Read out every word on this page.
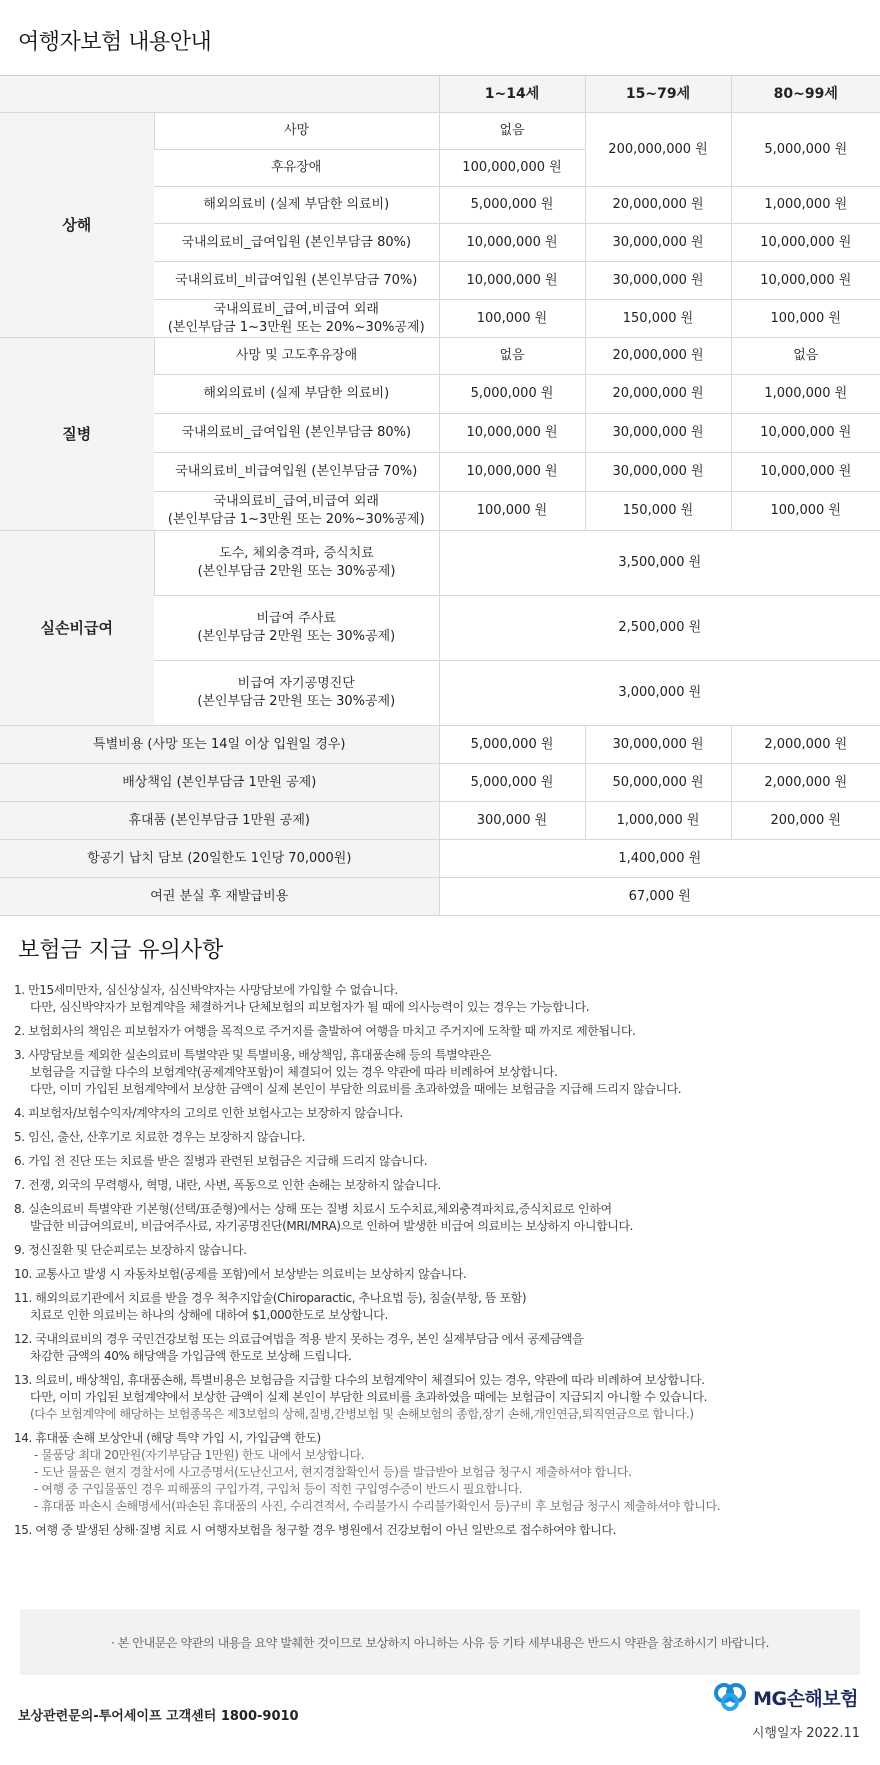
여행자보험 내용안내
		1~14세	15~79세	80~99세
상해	사망	없음	200,000,000 원	5,000,000 원
	후유장애	100,000,000 원		
	해외의료비 (실제 부담한 의료비)	5,000,000 원	20,000,000 원	1,000,000 원
	국내의료비_급여입원 (본인부담금 80%)	10,000,000 원	30,000,000 원	10,000,000 원
	국내의료비_비급여입원 (본인부담금 70%)	10,000,000 원	30,000,000 원	10,000,000 원

	국내의료비_급여,비급여 외래
(본인부담금 1~3만원 또는 20%~30%공제)	100,000 원	150,000 원	100,000 원

질병	사망 및 고도후유장애	없음	20,000,000 원	없음
	해외의료비 (실제 부담한 의료비)	5,000,000 원	20,000,000 원	1,000,000 원
	국내의료비_급여입원 (본인부담금 80%)	10,000,000 원	30,000,000 원	10,000,000 원
	국내의료비_비급여입원 (본인부담금 70%)	10,000,000 원	30,000,000 원	10,000,000 원

	국내의료비_급여,비급여 외래
(본인부담금 1~3만원 또는 20%~30%공제)	100,000 원	150,000 원	100,000 원
실손비급여	도수, 체외충격파, 증식치료
(본인부담금 2만원 또는 30%공제)	3,500,000 원		

	비급여 주사료
(본인부담금 2만원 또는 30%공제)	2,500,000 원		

	비급여 자기공명진단
(본인부담금 2만원 또는 30%공제)	3,000,000 원		
특별비용 (사망 또는 14일 이상 입원일 경우)		5,000,000 원	30,000,000 원	2,000,000 원
배상책임 (본인부담금 1만원 공제)		5,000,000 원	50,000,000 원	2,000,000 원
휴대품 (본인부담금 1만원 공제)		300,000 원	1,000,000 원	200,000 원
항공기 납치 담보 (20일한도 1인당 70,000원)		1,400,000 원		
여권 분실 후 재발급비용		67,000 원		
보험금 지급 유의사항
1. 만15세미만자, 심신상실자, 심신박약자는 사망담보에 가입할 수 없습니다.
다만, 심신박약자가 보험계약을 체결하거나 단체보험의 피보험자가 될 때에 의사능력이 있는 경우는 가능합니다.
2. 보험회사의 책임은 피보험자가 여행을 목적으로 주거지를 출발하여 여행을 마치고 주거지에 도착할 때 까지로 제한됩니다.
3. 사망담보를 제외한 실손의료비 특별약관 및 특별비용, 배상책임, 휴대품손해 등의 특별약관은
보험금을 지급할 다수의 보험계약(공제계약포함)이 체결되어 있는 경우 약관에 따라 비례하여 보상합니다.
다만, 이미 가입된 보험계약에서 보상한 금액이 실제 본인이 부담한 의료비를 초과하였을 때에는 보험금을 지급해 드리지 않습니다.
4. 피보험자/보험수익자/계약자의 고의로 인한 보험사고는 보장하지 않습니다.
5. 임신, 출산, 산후기로 치료한 경우는 보장하지 않습니다.
6. 가입 전 진단 또는 치료를 받은 질병과 관련된 보험금은 지급해 드리지 않습니다.
7. 전쟁, 외국의 무력행사, 혁명, 내란, 사변, 폭동으로 인한 손해는 보장하지 않습니다.
8. 실손의료비 특별약관 기본형(선택/표준형)에서는 상해 또는 질병 치료시 도수치료,체외충격파치료,증식치료로 인하여
발급한 비급여의료비, 비급여주사료, 자기공명진단(MRI/MRA)으로 인하여 발생한 비급여 의료비는 보상하지 아니합니다.
9. 정신질환 및 단순피로는 보장하지 않습니다.
10. 교통사고 발생 시 자동차보험(공제를 포함)에서 보상받는 의료비는 보상하지 않습니다.
11. 해외의료기관에서 치료를 받을 경우 척추지압술(Chiroparactic, 추나요법 등), 침술(부항, 뜸 포함)
치료로 인한 의료비는 하나의 상해에 대하여 $1,000한도로 보상합니다.
12. 국내의료비의 경우 국민건강보험 또는 의료급여법을 적용 받지 못하는 경우, 본인 실제부담금 에서 공제금액을
차감한 금액의 40% 해당액을 가입금액 한도로 보상해 드립니다.
13. 의료비, 배상책임, 휴대품손해, 특별비용은 보험금을 지급할 다수의 보험계약이 체결되어 있는 경우, 약관에 따라 비례하여 보상합니다.
다만, 이미 가입된 보험계약에서 보상한 금액이 실제 본인이 부담한 의료비를 초과하였을 때에는 보험금이 지급되지 아니할 수 있습니다.
(다수 보험계약에 해당하는 보험종목은 제3보험의 상해,질병,간병보험 및 손해보험의 종합,장기 손해,개인연금,퇴직연금으로 합니다.)
14. 휴대품 손해 보상안내 (해당 특약 가입 시, 가입금액 한도)
- 물품당 최대 20만원(자기부담금 1만원) 한도 내에서 보상합니다.
- 도난 물품은 현지 경찰서에 사고증명서(도난신고서, 현지경찰확인서 등)를 발급받아 보험금 청구시 제출하셔야 합니다.
- 여행 중 구입물품인 경우 피해품의 구입가격, 구입처 등이 적힌 구입영수증이 반드시 필요합니다.
- 휴대품 파손시 손해명세서(파손된 휴대품의 사진, 수리견적서, 수리불가시 수리불가확인서 등)구비 후 보험금 청구시 제출하셔야 합니다.
15. 여행 중 발생된 상해·질병 치료 시 여행자보험을 청구할 경우 병원에서 건강보험이 아닌 일반으로 접수하여야 합니다.
· 본 안내문은 약관의 내용을 요약 발췌한 것이므로 보상하지 아니하는 사유 등 기타 세부내용은 반드시 약관을 참조하시기 바랍니다.
보상관련문의-투어세이프 고객센터 1800-9010
MG손해보험
시행일자 2022.11
